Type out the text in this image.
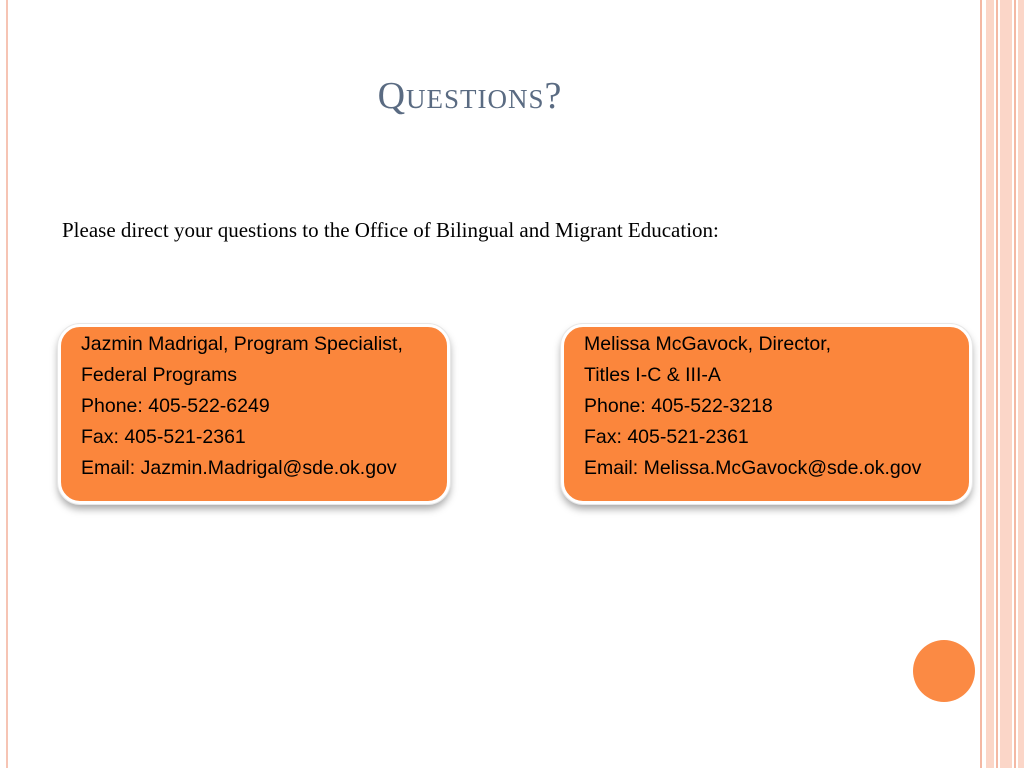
Questions?
Please direct your questions to the Office of Bilingual and Migrant Education:
Jazmin Madrigal, Program Specialist,
Federal Programs
Phone: 405-522-6249
Fax: 405-521-2361
Email: Jazmin.Madrigal@sde.ok.gov
Melissa McGavock, Director,
Titles I-C & III-A
Phone: 405-522-3218
Fax: 405-521-2361
Email: Melissa.McGavock@sde.ok.gov
